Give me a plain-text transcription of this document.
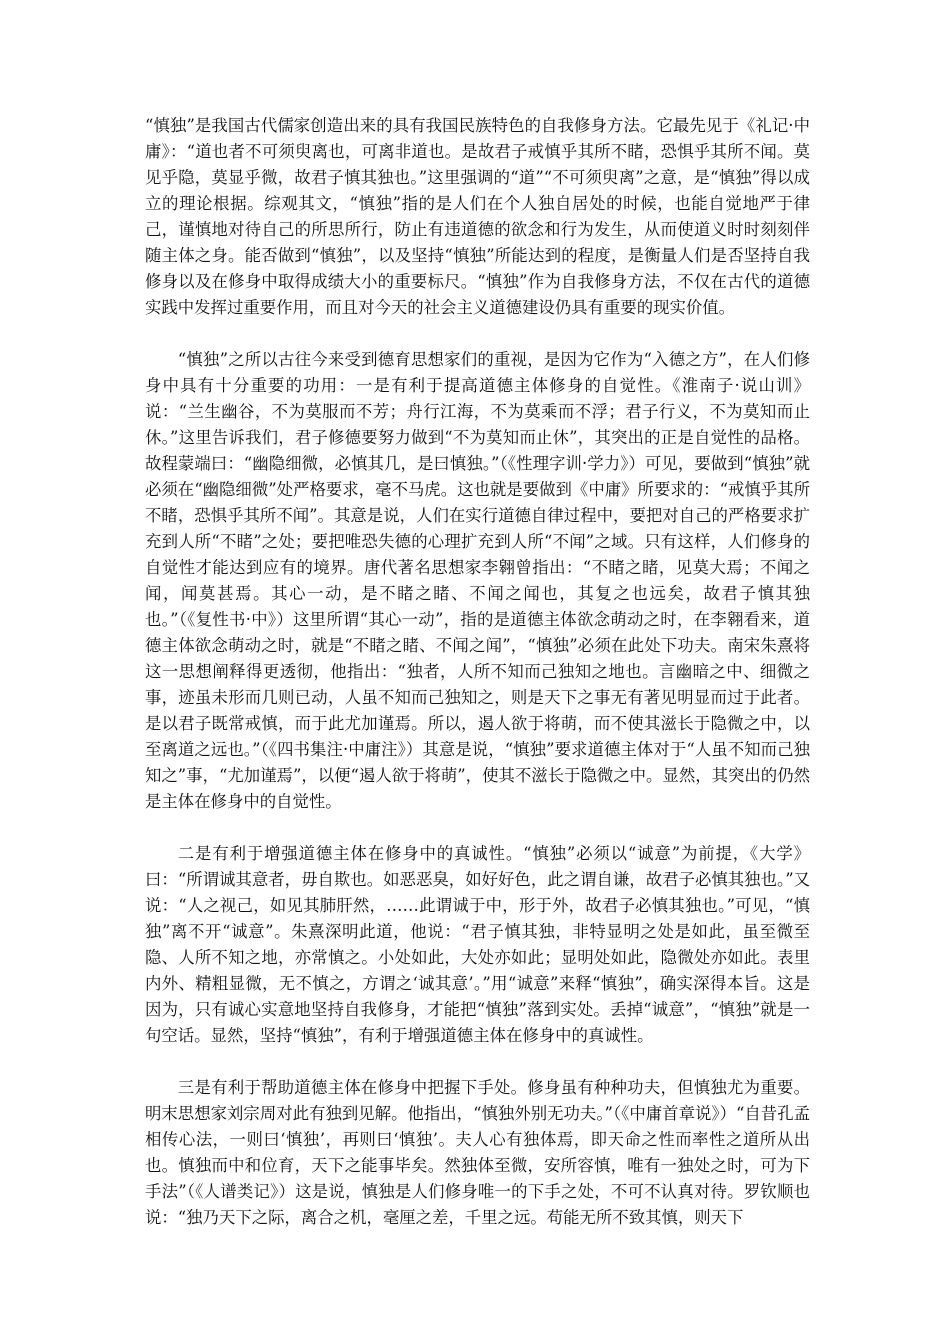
“慎独”是我国古代儒家创造出来的具有我国民族特色的自我修身方法。它最先见于《礼记·中庸》：“道也者不可须臾离也，可离非道也。是故君子戒慎乎其所不睹，恐惧乎其所不闻。莫见乎隐，莫显乎微，故君子慎其独也。”这里强调的“道”“不可须臾离”之意，是“慎独”得以成立的理论根据。综观其文，“慎独”指的是人们在个人独自居处的时候，也能自觉地严于律己，谨慎地对待自己的所思所行，防止有违道德的欲念和行为发生，从而使道义时时刻刻伴随主体之身。能否做到“慎独”，以及坚持“慎独”所能达到的程度，是衡量人们是否坚持自我修身以及在修身中取得成绩大小的重要标尺。“慎独”作为自我修身方法，不仅在古代的道德实践中发挥过重要作用，而且对今天的社会主义道德建设仍具有重要的现实价值。

“慎独”之所以古往今来受到德育思想家们的重视，是因为它作为“入德之方”，在人们修身中具有十分重要的功用：一是有利于提高道德主体修身的自觉性。《淮南子·说山训》说：“兰生幽谷，不为莫服而不芳；舟行江海，不为莫乘而不浮；君子行义，不为莫知而止休。”这里告诉我们，君子修德要努力做到“不为莫知而止休”，其突出的正是自觉性的品格。故程蒙端曰：“幽隐细微，必慎其几，是曰慎独。”（《性理字训·学力》）可见，要做到“慎独”就必须在“幽隐细微”处严格要求，毫不马虎。这也就是要做到《中庸》所要求的：“戒慎乎其所不睹，恐惧乎其所不闻”。其意是说，人们在实行道德自律过程中，要把对自己的严格要求扩充到人所“不睹”之处；要把唯恐失德的心理扩充到人所“不闻”之域。只有这样，人们修身的自觉性才能达到应有的境界。唐代著名思想家李翱曾指出：“不睹之睹，见莫大焉；不闻之闻，闻莫甚焉。其心一动，是不睹之睹、不闻之闻也，其复之也远矣，故君子慎其独也。”（《复性书·中》）这里所谓“其心一动”，指的是道德主体欲念萌动之时，在李翱看来，道德主体欲念萌动之时，就是“不睹之睹、不闻之闻”，“慎独”必须在此处下功夫。南宋朱熹将这一思想阐释得更透彻，他指出：“独者，人所不知而己独知之地也。言幽暗之中、细微之事，迹虽未形而几则已动，人虽不知而己独知之，则是天下之事无有著见明显而过于此者。是以君子既常戒慎，而于此尤加谨焉。所以，遏人欲于将萌，而不使其滋长于隐微之中，以至离道之远也。”（《四书集注·中庸注》）其意是说，“慎独”要求道德主体对于“人虽不知而己独知之”事，“尤加谨焉”，以便“遏人欲于将萌”，使其不滋长于隐微之中。显然，其突出的仍然是主体在修身中的自觉性。

二是有利于增强道德主体在修身中的真诚性。“慎独”必须以“诚意”为前提，《大学》曰：“所谓诚其意者，毋自欺也。如恶恶臭，如好好色，此之谓自谦，故君子必慎其独也。”又说：“人之视己，如见其肺肝然，……此谓诚于中，形于外，故君子必慎其独也。”可见，“慎独”离不开“诚意”。朱熹深明此道，他说：“君子慎其独，非特显明之处是如此，虽至微至隐、人所不知之地，亦常慎之。小处如此，大处亦如此；显明处如此，隐微处亦如此。表里内外、精粗显微，无不慎之，方谓之‘诚其意’。”用“诚意”来释“慎独”，确实深得本旨。这是因为，只有诚心实意地坚持自我修身，才能把“慎独”落到实处。丢掉“诚意”，“慎独”就是一句空话。显然，坚持“慎独”，有利于增强道德主体在修身中的真诚性。

三是有利于帮助道德主体在修身中把握下手处。修身虽有种种功夫，但慎独尤为重要。明末思想家刘宗周对此有独到见解。他指出，“慎独外别无功夫。”（《中庸首章说》）“自昔孔孟相传心法，一则曰‘慎独’，再则曰‘慎独’。夫人心有独体焉，即天命之性而率性之道所从出也。慎独而中和位育，天下之能事毕矣。然独体至微，安所容慎，唯有一独处之时，可为下手法”（《人谱类记》）这是说，慎独是人们修身唯一的下手之处，不可不认真对待。罗钦顺也说：“独乃天下之际，离合之机，毫厘之差，千里之远。苟能无所不致其慎，则天下
